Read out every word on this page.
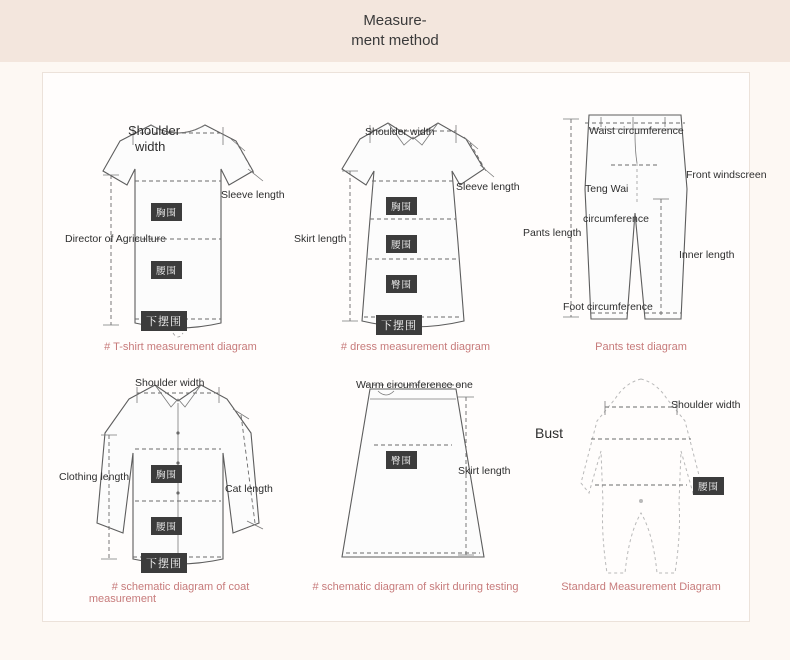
Measure-
ment method
Shoulder
width
Sleeve length
Director of Agriculture
胸围
腰围
下摆围
# T-shirt measurement diagram
Shoulder width
Sleeve length
Skirt length
胸围
腰围
臀围
下摆围
# dress measurement diagram
Waist circumference
Front windscreen
Teng Wai
circumference
Pants length
Inner length
Foot circumference
Pants test diagram
Shoulder width
Clothing length
Cat length
胸围
腰围
下摆围
# schematic diagram of coat
measurement
Warm circumference one
Skirt length
臀围
# schematic diagram of skirt during testing
Shoulder width
Bust
腰围
Standard Measurement Diagram
